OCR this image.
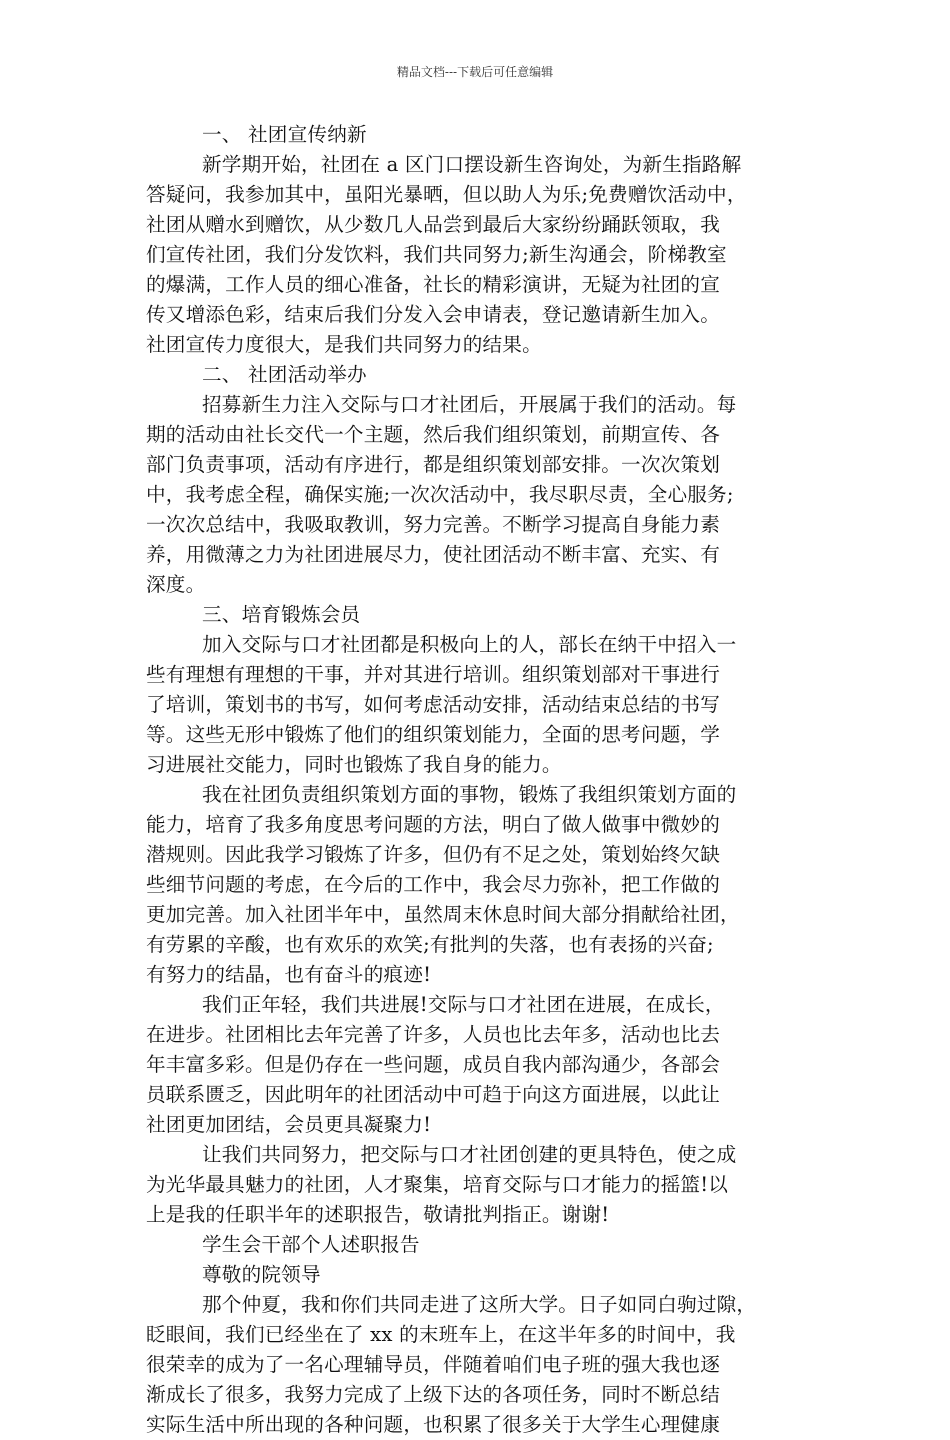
精品文档---下载后可任意编辑
一、 社团宣传纳新
新学期开始，社团在 a 区门口摆设新生咨询处，为新生指路解
答疑问，我参加其中，虽阳光暴晒，但以助人为乐;免费赠饮活动中，
社团从赠水到赠饮，从少数几人品尝到最后大家纷纷踊跃领取，我
们宣传社团，我们分发饮料，我们共同努力;新生沟通会，阶梯教室
的爆满，工作人员的细心准备，社长的精彩演讲，无疑为社团的宣
传又增添色彩，结束后我们分发入会申请表，登记邀请新生加入。
社团宣传力度很大，是我们共同努力的结果。
二、 社团活动举办
招募新生力注入交际与口才社团后，开展属于我们的活动。每
期的活动由社长交代一个主题，然后我们组织策划，前期宣传、各
部门负责事项，活动有序进行，都是组织策划部安排。一次次策划
中，我考虑全程，确保实施;一次次活动中，我尽职尽责，全心服务;
一次次总结中，我吸取教训，努力完善。不断学习提高自身能力素
养，用微薄之力为社团进展尽力，使社团活动不断丰富、充实、有
深度。
三、培育锻炼会员
加入交际与口才社团都是积极向上的人，部长在纳干中招入一
些有理想有理想的干事，并对其进行培训。组织策划部对干事进行
了培训，策划书的书写，如何考虑活动安排，活动结束总结的书写
等。这些无形中锻炼了他们的组织策划能力，全面的思考问题，学
习进展社交能力，同时也锻炼了我自身的能力。
我在社团负责组织策划方面的事物，锻炼了我组织策划方面的
能力，培育了我多角度思考问题的方法，明白了做人做事中微妙的
潜规则。因此我学习锻炼了许多，但仍有不足之处，策划始终欠缺
些细节问题的考虑，在今后的工作中，我会尽力弥补，把工作做的
更加完善。加入社团半年中，虽然周末休息时间大部分捐献给社团，
有劳累的辛酸，也有欢乐的欢笑;有批判的失落，也有表扬的兴奋;
有努力的结晶，也有奋斗的痕迹!
我们正年轻，我们共进展!交际与口才社团在进展，在成长，
在进步。社团相比去年完善了许多，人员也比去年多，活动也比去
年丰富多彩。但是仍存在一些问题，成员自我内部沟通少，各部会
员联系匮乏，因此明年的社团活动中可趋于向这方面进展，以此让
社团更加团结，会员更具凝聚力!
让我们共同努力，把交际与口才社团创建的更具特色，使之成
为光华最具魅力的社团，人才聚集，培育交际与口才能力的摇篮!以
上是我的任职半年的述职报告，敬请批判指正。谢谢!
学生会干部个人述职报告
尊敬的院领导
那个仲夏，我和你们共同走进了这所大学。日子如同白驹过隙，
眨眼间，我们已经坐在了 xx 的末班车上，在这半年多的时间中，我
很荣幸的成为了一名心理辅导员，伴随着咱们电子班的强大我也逐
渐成长了很多，我努力完成了上级下达的各项任务，同时不断总结
实际生活中所出现的各种问题，也积累了很多关于大学生心理健康
